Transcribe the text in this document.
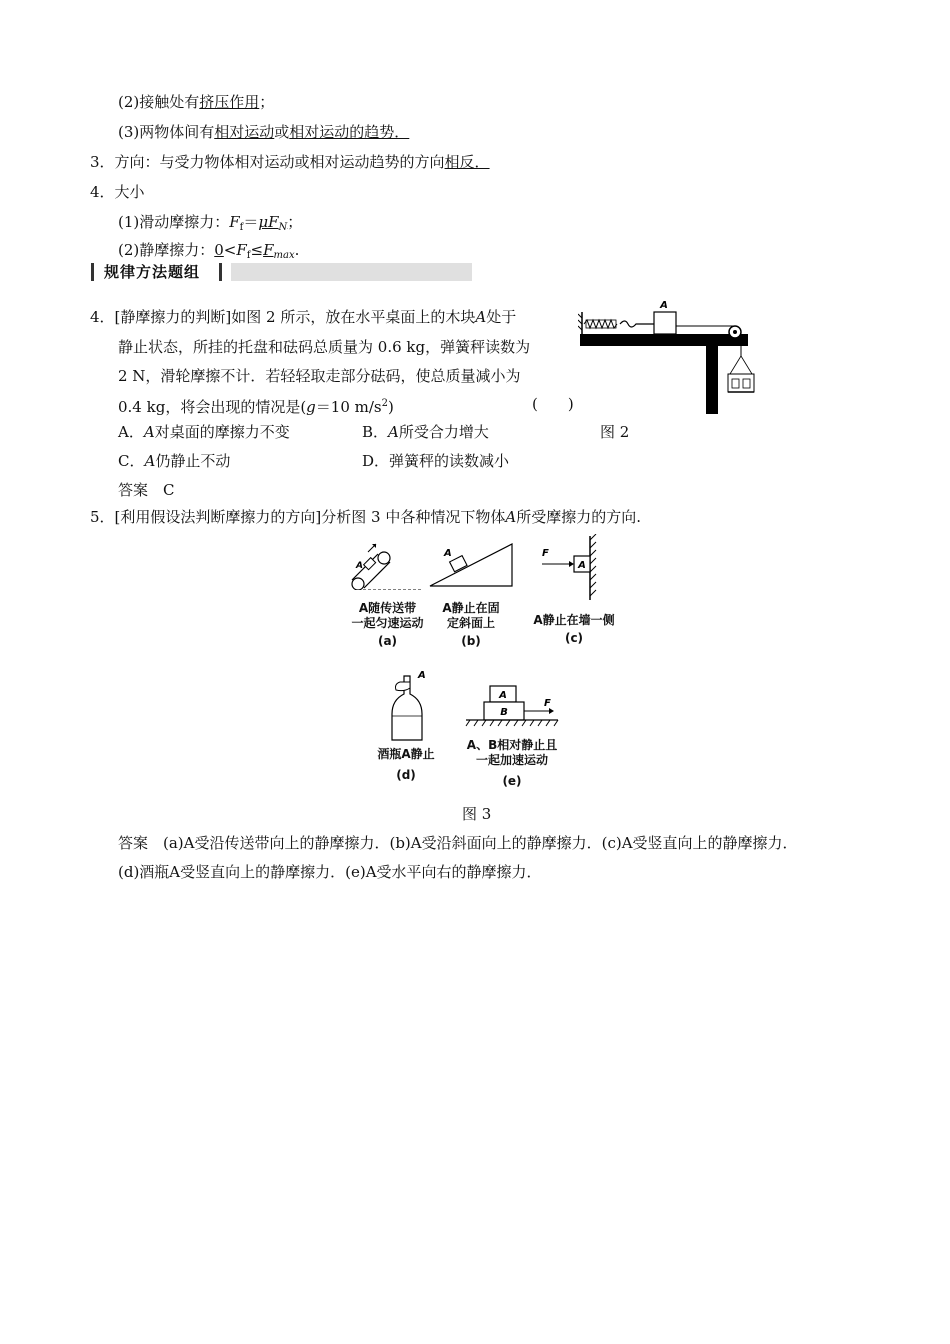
(2)接触处有挤压作用；
(3)两物体间有相对运动或相对运动的趋势．
3．方向：与受力物体相对运动或相对运动趋势的方向相反．
4．大小
(1)滑动摩擦力：$F_f=\mu F_N$；
(2)静摩擦力：$0<F_f\le F_{max}$.
规律方法题组
4．[静摩擦力的判断]如图 2 所示，放在水平桌面上的木块A处于
静止状态，所挂的托盘和砝码总质量为 0.6 kg，弹簧秤读数为
2 N，滑轮摩擦不计．若轻轻取走部分砝码，使总质量减小为
0.4 kg，将会出现的情况是(g＝10 $m/s^2$)	(　　)
A．A对桌面的摩擦力不变	B．A所受合力增大	图 2
C．A仍静止不动	D．弹簧秤的读数减小
答案　C
A
5．[利用假设法判断摩擦力的方向]分析图 3 中各种情况下物体A所受摩擦力的方向.
A
A随传送带
一起匀速运动
(a)
A
A静止在固
定斜面上
(b)
A
F
A静止在墙一侧
(c)
A
酒瓶A静止
(d)
A
B
F
A、B相对静止且
一起加速运动
(e)
图 3
答案　(a)A受沿传送带向上的静摩擦力．(b)A受沿斜面向上的静摩擦力．(c)A受竖直向上的静摩擦力．
(d)酒瓶A受竖直向上的静摩擦力．(e)A受水平向右的静摩擦力．
